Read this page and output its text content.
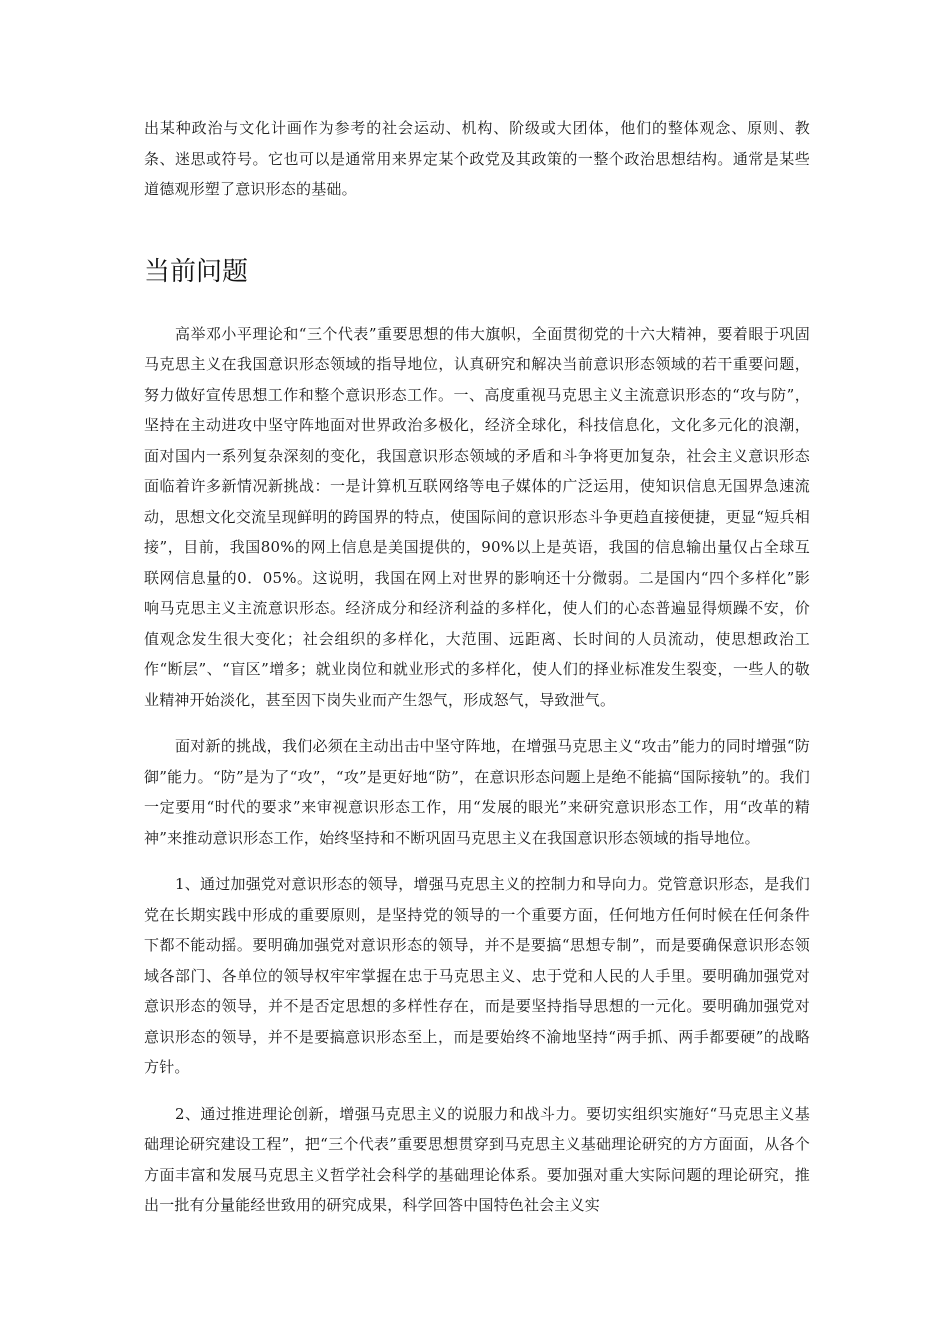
出某种政治与文化计画作为参考的社会运动、机构、阶级或大团体，他们的整体观念、原则、教条、迷思或符号。它也可以是通常用来界定某个政党及其政策的一整个政治思想结构。通常是某些道德观形塑了意识形态的基础。

当前问题

高举邓小平理论和“三个代表”重要思想的伟大旗帜，全面贯彻党的十六大精神，要着眼于巩固马克思主义在我国意识形态领域的指导地位，认真研究和解决当前意识形态领域的若干重要问题，努力做好宣传思想工作和整个意识形态工作。一、高度重视马克思主义主流意识形态的“攻与防”，坚持在主动进攻中坚守阵地面对世界政治多极化，经济全球化，科技信息化，文化多元化的浪潮，面对国内一系列复杂深刻的变化，我国意识形态领域的矛盾和斗争将更加复杂，社会主义意识形态面临着许多新情况新挑战：一是计算机互联网络等电子媒体的广泛运用，使知识信息无国界急速流动，思想文化交流呈现鲜明的跨国界的特点，使国际间的意识形态斗争更趋直接便捷，更显“短兵相接”，目前，我国80%的网上信息是美国提供的，90%以上是英语，我国的信息输出量仅占全球互联网信息量的0．05%。这说明，我国在网上对世界的影响还十分微弱。二是国内“四个多样化”影响马克思主义主流意识形态。经济成分和经济利益的多样化，使人们的心态普遍显得烦躁不安，价值观念发生很大变化；社会组织的多样化，大范围、远距离、长时间的人员流动，使思想政治工作“断层”、“盲区”增多；就业岗位和就业形式的多样化，使人们的择业标准发生裂变，一些人的敬业精神开始淡化，甚至因下岗失业而产生怨气，形成怒气，导致泄气。

面对新的挑战，我们必须在主动出击中坚守阵地，在增强马克思主义“攻击”能力的同时增强“防御”能力。“防”是为了“攻”，“攻”是更好地“防”，在意识形态问题上是绝不能搞“国际接轨”的。我们一定要用“时代的要求”来审视意识形态工作，用“发展的眼光”来研究意识形态工作，用“改革的精神”来推动意识形态工作，始终坚持和不断巩固马克思主义在我国意识形态领域的指导地位。

1、通过加强党对意识形态的领导，增强马克思主义的控制力和导向力。党管意识形态，是我们党在长期实践中形成的重要原则，是坚持党的领导的一个重要方面，任何地方任何时候在任何条件下都不能动摇。要明确加强党对意识形态的领导，并不是要搞“思想专制”，而是要确保意识形态领域各部门、各单位的领导权牢牢掌握在忠于马克思主义、忠于党和人民的人手里。要明确加强党对意识形态的领导，并不是否定思想的多样性存在，而是要坚持指导思想的一元化。要明确加强党对意识形态的领导，并不是要搞意识形态至上，而是要始终不渝地坚持“两手抓、两手都要硬”的战略方针。

2、通过推进理论创新，增强马克思主义的说服力和战斗力。要切实组织实施好“马克思主义基础理论研究建设工程”，把“三个代表”重要思想贯穿到马克思主义基础理论研究的方方面面，从各个方面丰富和发展马克思主义哲学社会科学的基础理论体系。要加强对重大实际问题的理论研究，推出一批有分量能经世致用的研究成果，科学回答中国特色社会主义实
